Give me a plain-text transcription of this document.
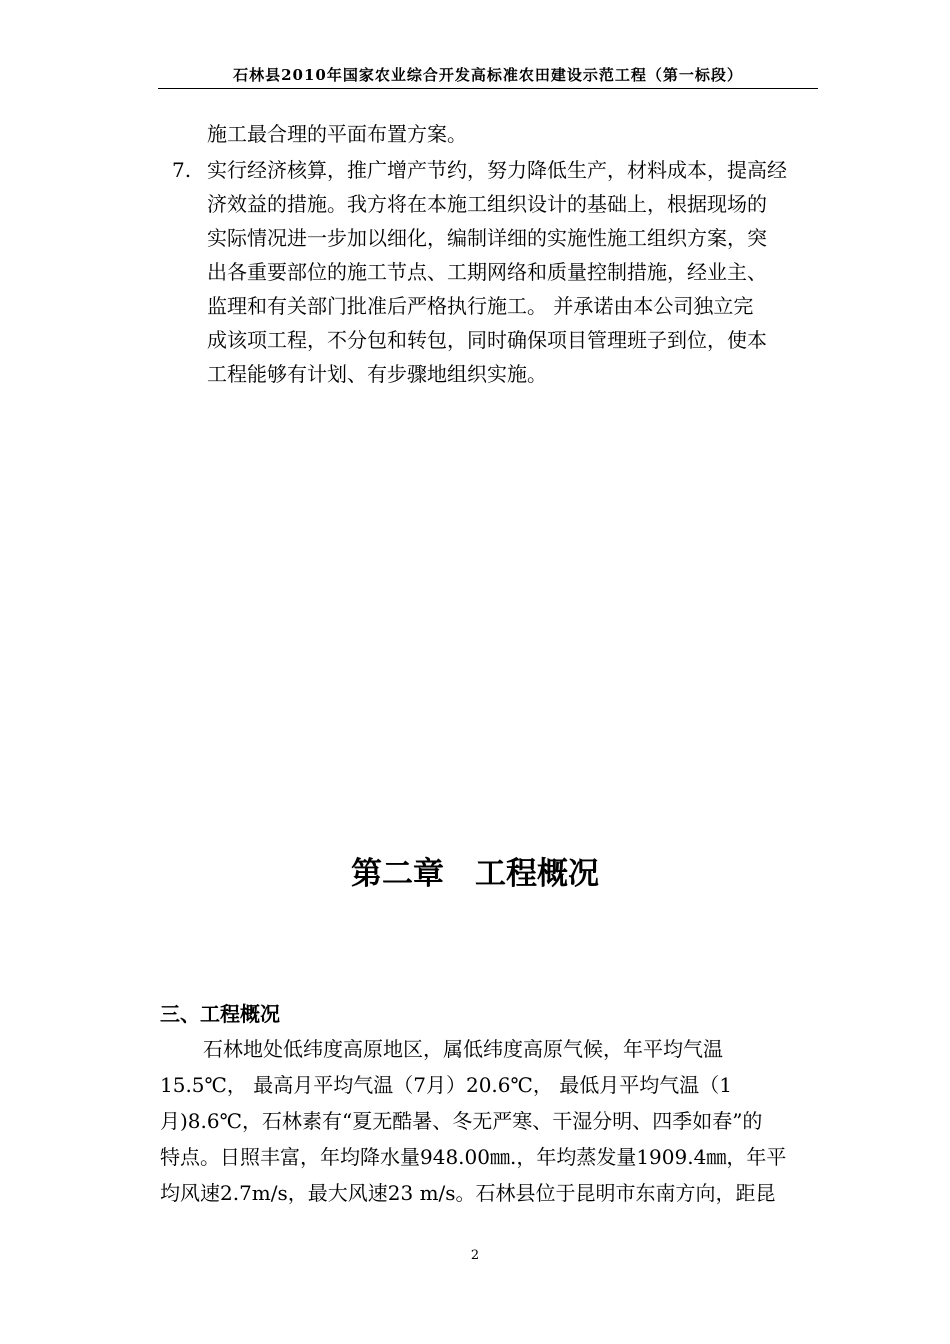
石林县2010年国家农业综合开发高标准农田建设示范工程（第一标段）
施工最合理的平面布置方案。
7. 实行经济核算，推广增产节约，努力降低生产，材料成本，提高经
济效益的措施。我方将在本施工组织设计的基础上，根据现场的
实际情况进一步加以细化，编制详细的实施性施工组织方案，突
出各重要部位的施工节点、工期网络和质量控制措施，经业主、
监理和有关部门批准后严格执行施工。 并承诺由本公司独立完
成该项工程，不分包和转包，同时确保项目管理班子到位，使本
工程能够有计划、有步骤地组织实施。
第二章　工程概况
三、工程概况
石林地处低纬度高原地区，属低纬度高原气候，年平均气温
15.5℃， 最高月平均气温（7月）20.6℃， 最低月平均气温（1
月)8.6℃，石林素有“夏无酷暑、冬无严寒、干湿分明、四季如春”的
特点。日照丰富，年均降水量948.00㎜.，年均蒸发量1909.4㎜，年平
均风速2.7m/s，最大风速23 m/s。石林县位于昆明市东南方向，距昆
2
